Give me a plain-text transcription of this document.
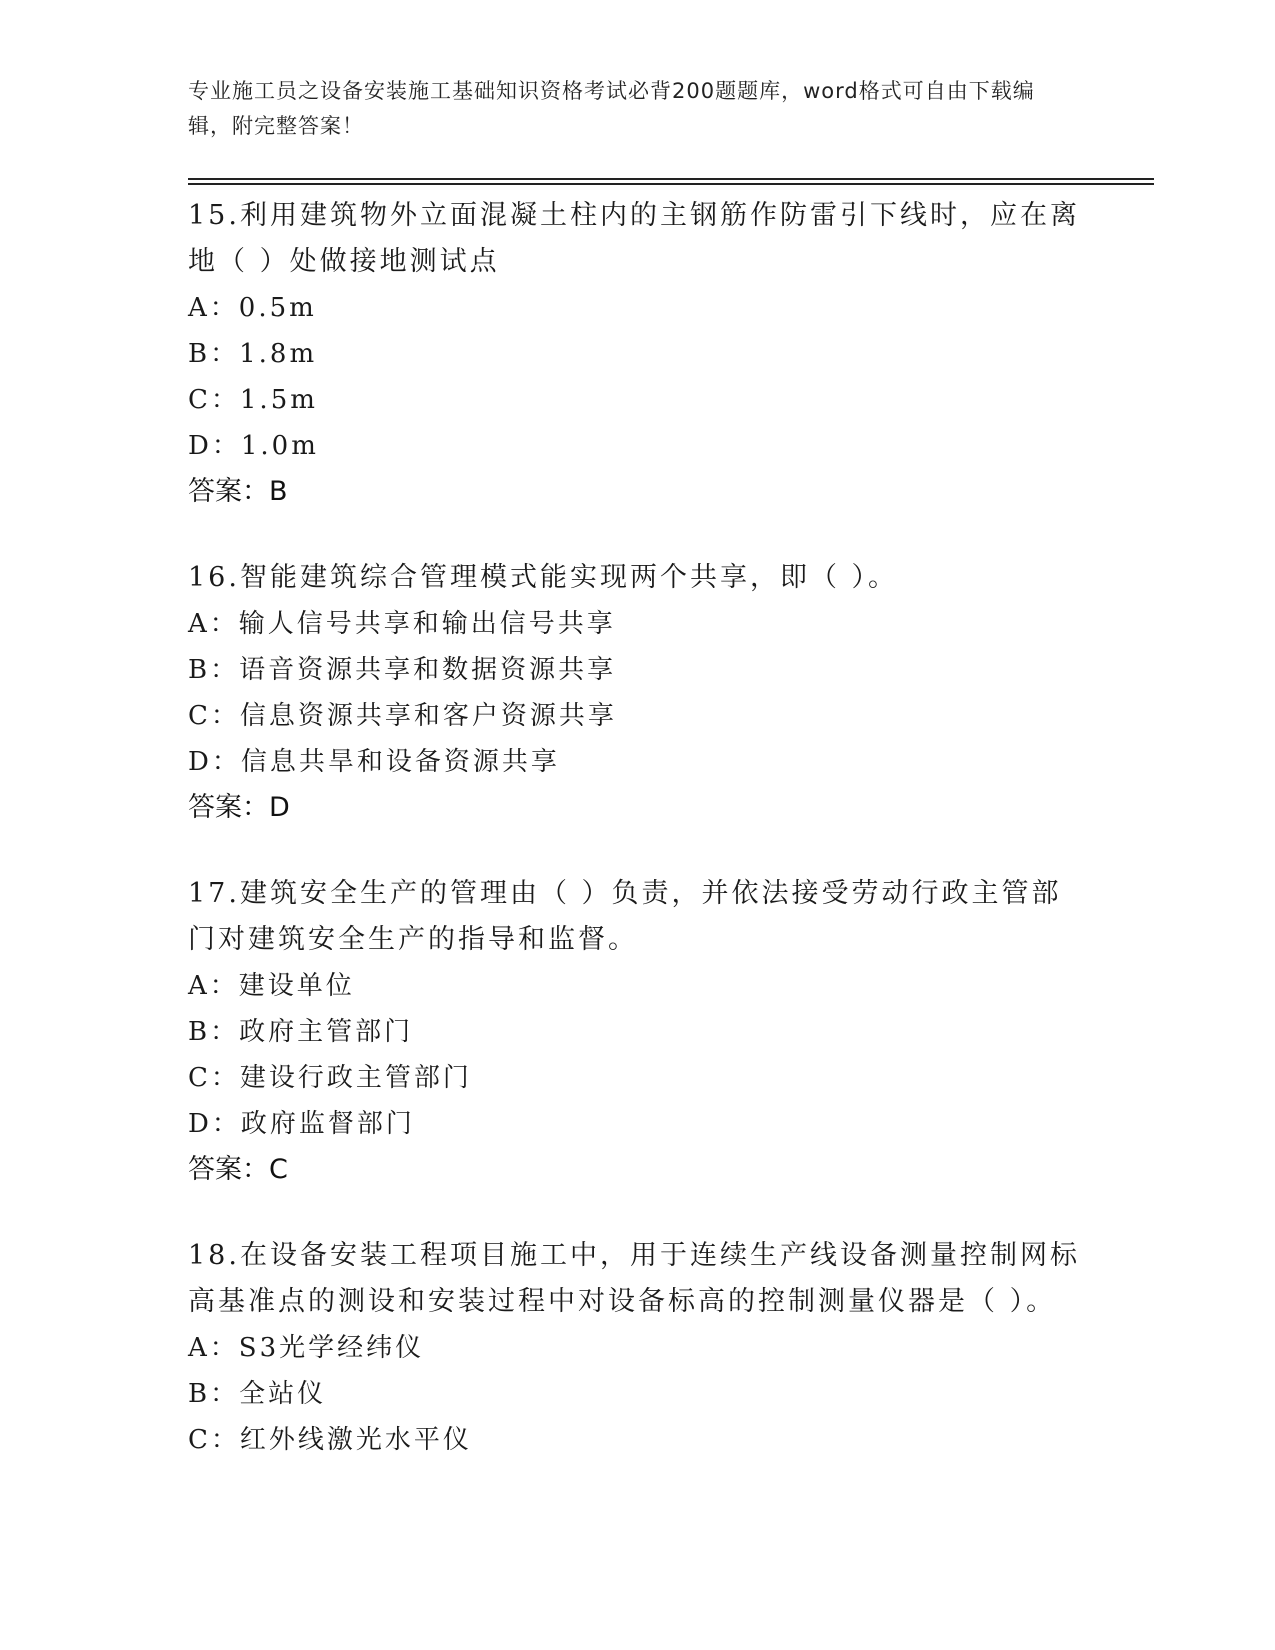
专业施工员之设备安装施工基础知识资格考试必背200题题库，word格式可自由下载编辑，附完整答案！

15.利用建筑物外立面混凝土柱内的主钢筋作防雷引下线时，应在离地（ ）处做接地测试点

A：0.5m

B：1.8m

C：1.5m

D：1.0m

答案：B

16.智能建筑综合管理模式能实现两个共享，即（ ）。

A：输人信号共享和输出信号共享

B：语音资源共享和数据资源共享

C：信息资源共享和客户资源共享

D：信息共旱和设备资源共享

答案：D

17.建筑安全生产的管理由（ ）负责，并依法接受劳动行政主管部门对建筑安全生产的指导和监督。

A：建设单位

B：政府主管部门

C：建设行政主管部门

D：政府监督部门

答案：C

18.在设备安装工程项目施工中，用于连续生产线设备测量控制网标高基准点的测设和安装过程中对设备标高的控制测量仪器是（ ）。

A：S3光学经纬仪

B：全站仪

C：红外线激光水平仪
